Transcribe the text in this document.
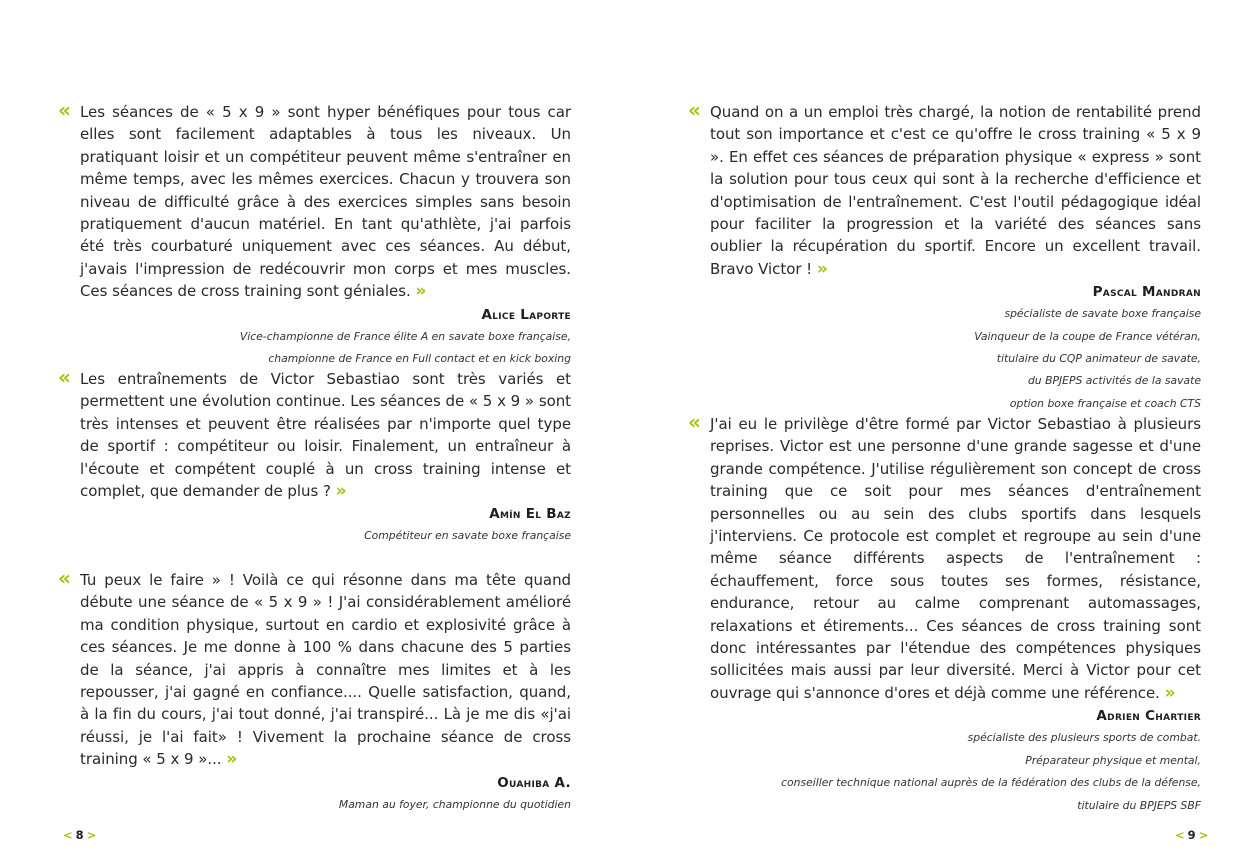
« Les séances de « 5 x 9 » sont hyper bénéfiques pour tous car elles sont facilement adaptables à tous les niveaux. Un pratiquant loisir et un compétiteur peuvent même s'entraîner en même temps, avec les mêmes exercices. Chacun y trouvera son niveau de difficulté grâce à des exercices simples sans besoin pratiquement d'aucun matériel. En tant qu'athlète, j'ai parfois été très courbaturé uniquement avec ces séances. Au début, j'avais l'impression de redécouvrir mon corps et mes muscles. Ces séances de cross training sont géniales. »

Alice Laporte
Vice-championne de France élite A en savate boxe française,
championne de France en Full contact et en kick boxing
« Les entraînements de Victor Sebastiao sont très variés et permettent une évolution continue. Les séances de « 5 x 9 » sont très intenses et peuvent être réalisées par n'importe quel type de sportif : compétiteur ou loisir. Finalement, un entraîneur à l'écoute et compétent couplé à un cross training intense et complet, que demander de plus ? »

Amîn El Baz
Compétiteur en savate boxe française
« Tu peux le faire » ! Voilà ce qui résonne dans ma tête quand débute une séance de « 5 x 9 » ! J'ai considérablement amélioré ma condition physique, surtout en cardio et explosivité grâce à ces séances. Je me donne à 100 % dans chacune des 5 parties de la séance, j'ai appris à connaître mes limites et à les repousser, j'ai gagné en confiance.... Quelle satisfaction, quand, à la fin du cours, j'ai tout donné, j'ai transpiré... Là je me dis «j'ai réussi, je l'ai fait» ! Vivement la prochaine séance de cross training « 5 x 9 »... »

Ouahiba A.
Maman au foyer, championne du quotidien
< 8 >
« Quand on a un emploi très chargé, la notion de rentabilité prend tout son importance et c'est ce qu'offre le cross training « 5 x 9 ». En effet ces séances de préparation physique « express » sont la solution pour tous ceux qui sont à la recherche d'efficience et d'optimisation de l'entraînement. C'est l'outil pédagogique idéal pour faciliter la progression et la variété des séances sans oublier la récupération du sportif. Encore un excellent travail. Bravo Victor ! »

Pascal Mandran
spécialiste de savate boxe française
Vainqueur de la coupe de France vétéran,
titulaire du CQP animateur de savate,
du BPJEPS activités de la savate
option boxe française et coach CTS
« J'ai eu le privilège d'être formé par Victor Sebastiao à plusieurs reprises. Victor est une personne d'une grande sagesse et d'une grande compétence. J'utilise régulièrement son concept de cross training que ce soit pour mes séances d'entraînement personnelles ou au sein des clubs sportifs dans lesquels j'interviens. Ce protocole est complet et regroupe au sein d'une même séance différents aspects de l'entraînement : échauffement, force sous toutes ses formes, résistance, endurance, retour au calme comprenant automassages, relaxations et étirements... Ces séances de cross training sont donc intéressantes par l'étendue des compétences physiques sollicitées mais aussi par leur diversité. Merci à Victor pour cet ouvrage qui s'annonce d'ores et déjà comme une référence. »

Adrien Chartier
spécialiste des plusieurs sports de combat.
Préparateur physique et mental,
conseiller technique national auprès de la fédération des clubs de la défense,
titulaire du BPJEPS SBF
< 9 >
